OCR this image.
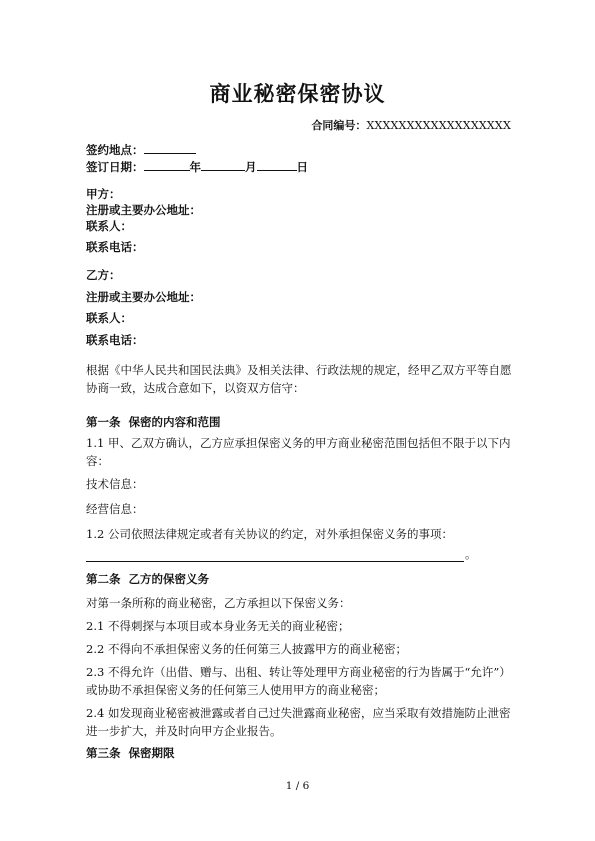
商业秘密保密协议
合同编号：XXXXXXXXXXXXXXXXXX
签约地点：
签订日期：	年	月	日
甲方：
注册或主要办公地址：
联系人：
联系电话：
乙方：
注册或主要办公地址：
联系人：
联系电话：
根据《中华人民共和国民法典》及相关法律、行政法规的规定，经甲乙双方平等自愿协商一致，达成合意如下，以资双方信守：
第一条 保密的内容和范围
1.1 甲、乙双方确认，乙方应承担保密义务的甲方商业秘密范围包括但不限于以下内容：
技术信息：
经营信息：
1.2 公司依照法律规定或者有关协议的约定，对外承担保密义务的事项：
。
第二条 乙方的保密义务
对第一条所称的商业秘密，乙方承担以下保密义务：
2.1 不得刺探与本项目或本身业务无关的商业秘密；
2.2 不得向不承担保密义务的任何第三人披露甲方的商业秘密；
2.3 不得允许（出借、赠与、出租、转让等处理甲方商业秘密的行为皆属于“允许”）或协助不承担保密义务的任何第三人使用甲方的商业秘密；
2.4 如发现商业秘密被泄露或者自己过失泄露商业秘密，应当采取有效措施防止泄密进一步扩大，并及时向甲方企业报告。
第三条 保密期限
1 / 6
